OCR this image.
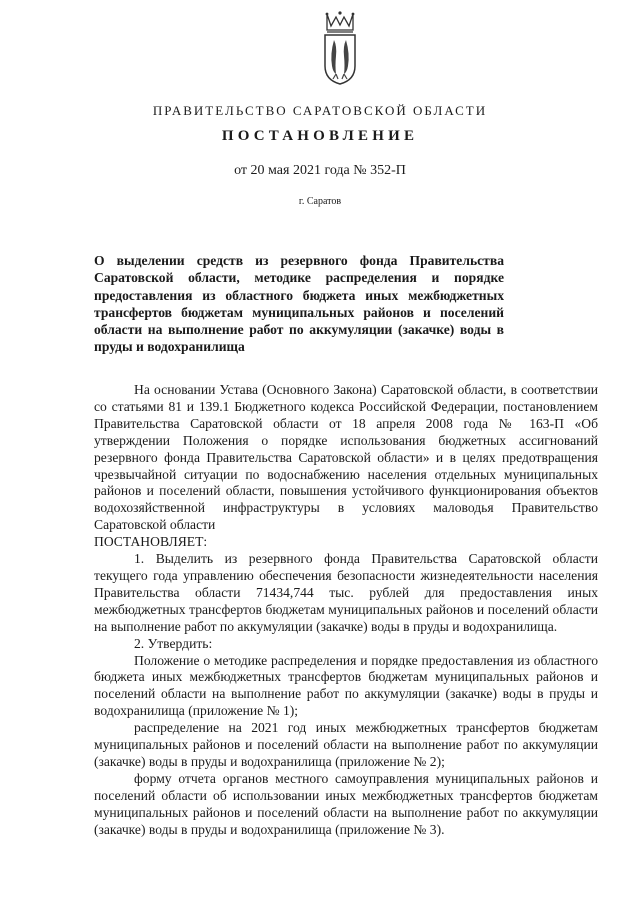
ПРАВИТЕЛЬСТВО САРАТОВСКОЙ ОБЛАСТИ
ПОСТАНОВЛЕНИЕ
от 20 мая 2021 года № 352-П
г. Саратов

О выделении средств из резервного фонда Правительства Саратовской области, методике распределения и порядке предоставления из областного бюджета иных межбюджетных трансфертов бюджетам муниципальных районов и поселений области на выполнение работ по аккумуляции (закачке) воды в пруды и водохранилища

На основании Устава (Основного Закона) Саратовской области, в соответствии со статьями 81 и 139.1 Бюджетного кодекса Российской Федерации, постановлением Правительства Саратовской области от 18 апреля 2008 года № 163-П «Об утверждении Положения о порядке использования бюджетных ассигнований резервного фонда Правительства Саратовской области» и в целях предотвращения чрезвычайной ситуации по водоснабжению населения отдельных муниципальных районов и поселений области, повышения устойчивого функционирования объектов водохозяйственной инфраструктуры в условиях маловодья Правительство Саратовской области

ПОСТАНОВЛЯЕТ:

1. Выделить из резервного фонда Правительства Саратовской области текущего года управлению обеспечения безопасности жизнедеятельности населения Правительства области 71434,744 тыс. рублей для предоставления иных межбюджетных трансфертов бюджетам муниципальных районов и поселений области на выполнение работ по аккумуляции (закачке) воды в пруды и водохранилища.

2. Утвердить:

Положение о методике распределения и порядке предоставления из областного бюджета иных межбюджетных трансфертов бюджетам муниципальных районов и поселений области на выполнение работ по аккумуляции (закачке) воды в пруды и водохранилища (приложение № 1);

распределение на 2021 год иных межбюджетных трансфертов бюджетам муниципальных районов и поселений области на выполнение работ по аккумуляции (закачке) воды в пруды и водохранилища (приложение № 2);

форму отчета органов местного самоуправления муниципальных районов и поселений области об использовании иных межбюджетных трансфертов бюджетам муниципальных районов и поселений области на выполнение работ по аккумуляции (закачке) воды в пруды и водохранилища (приложение № 3).
